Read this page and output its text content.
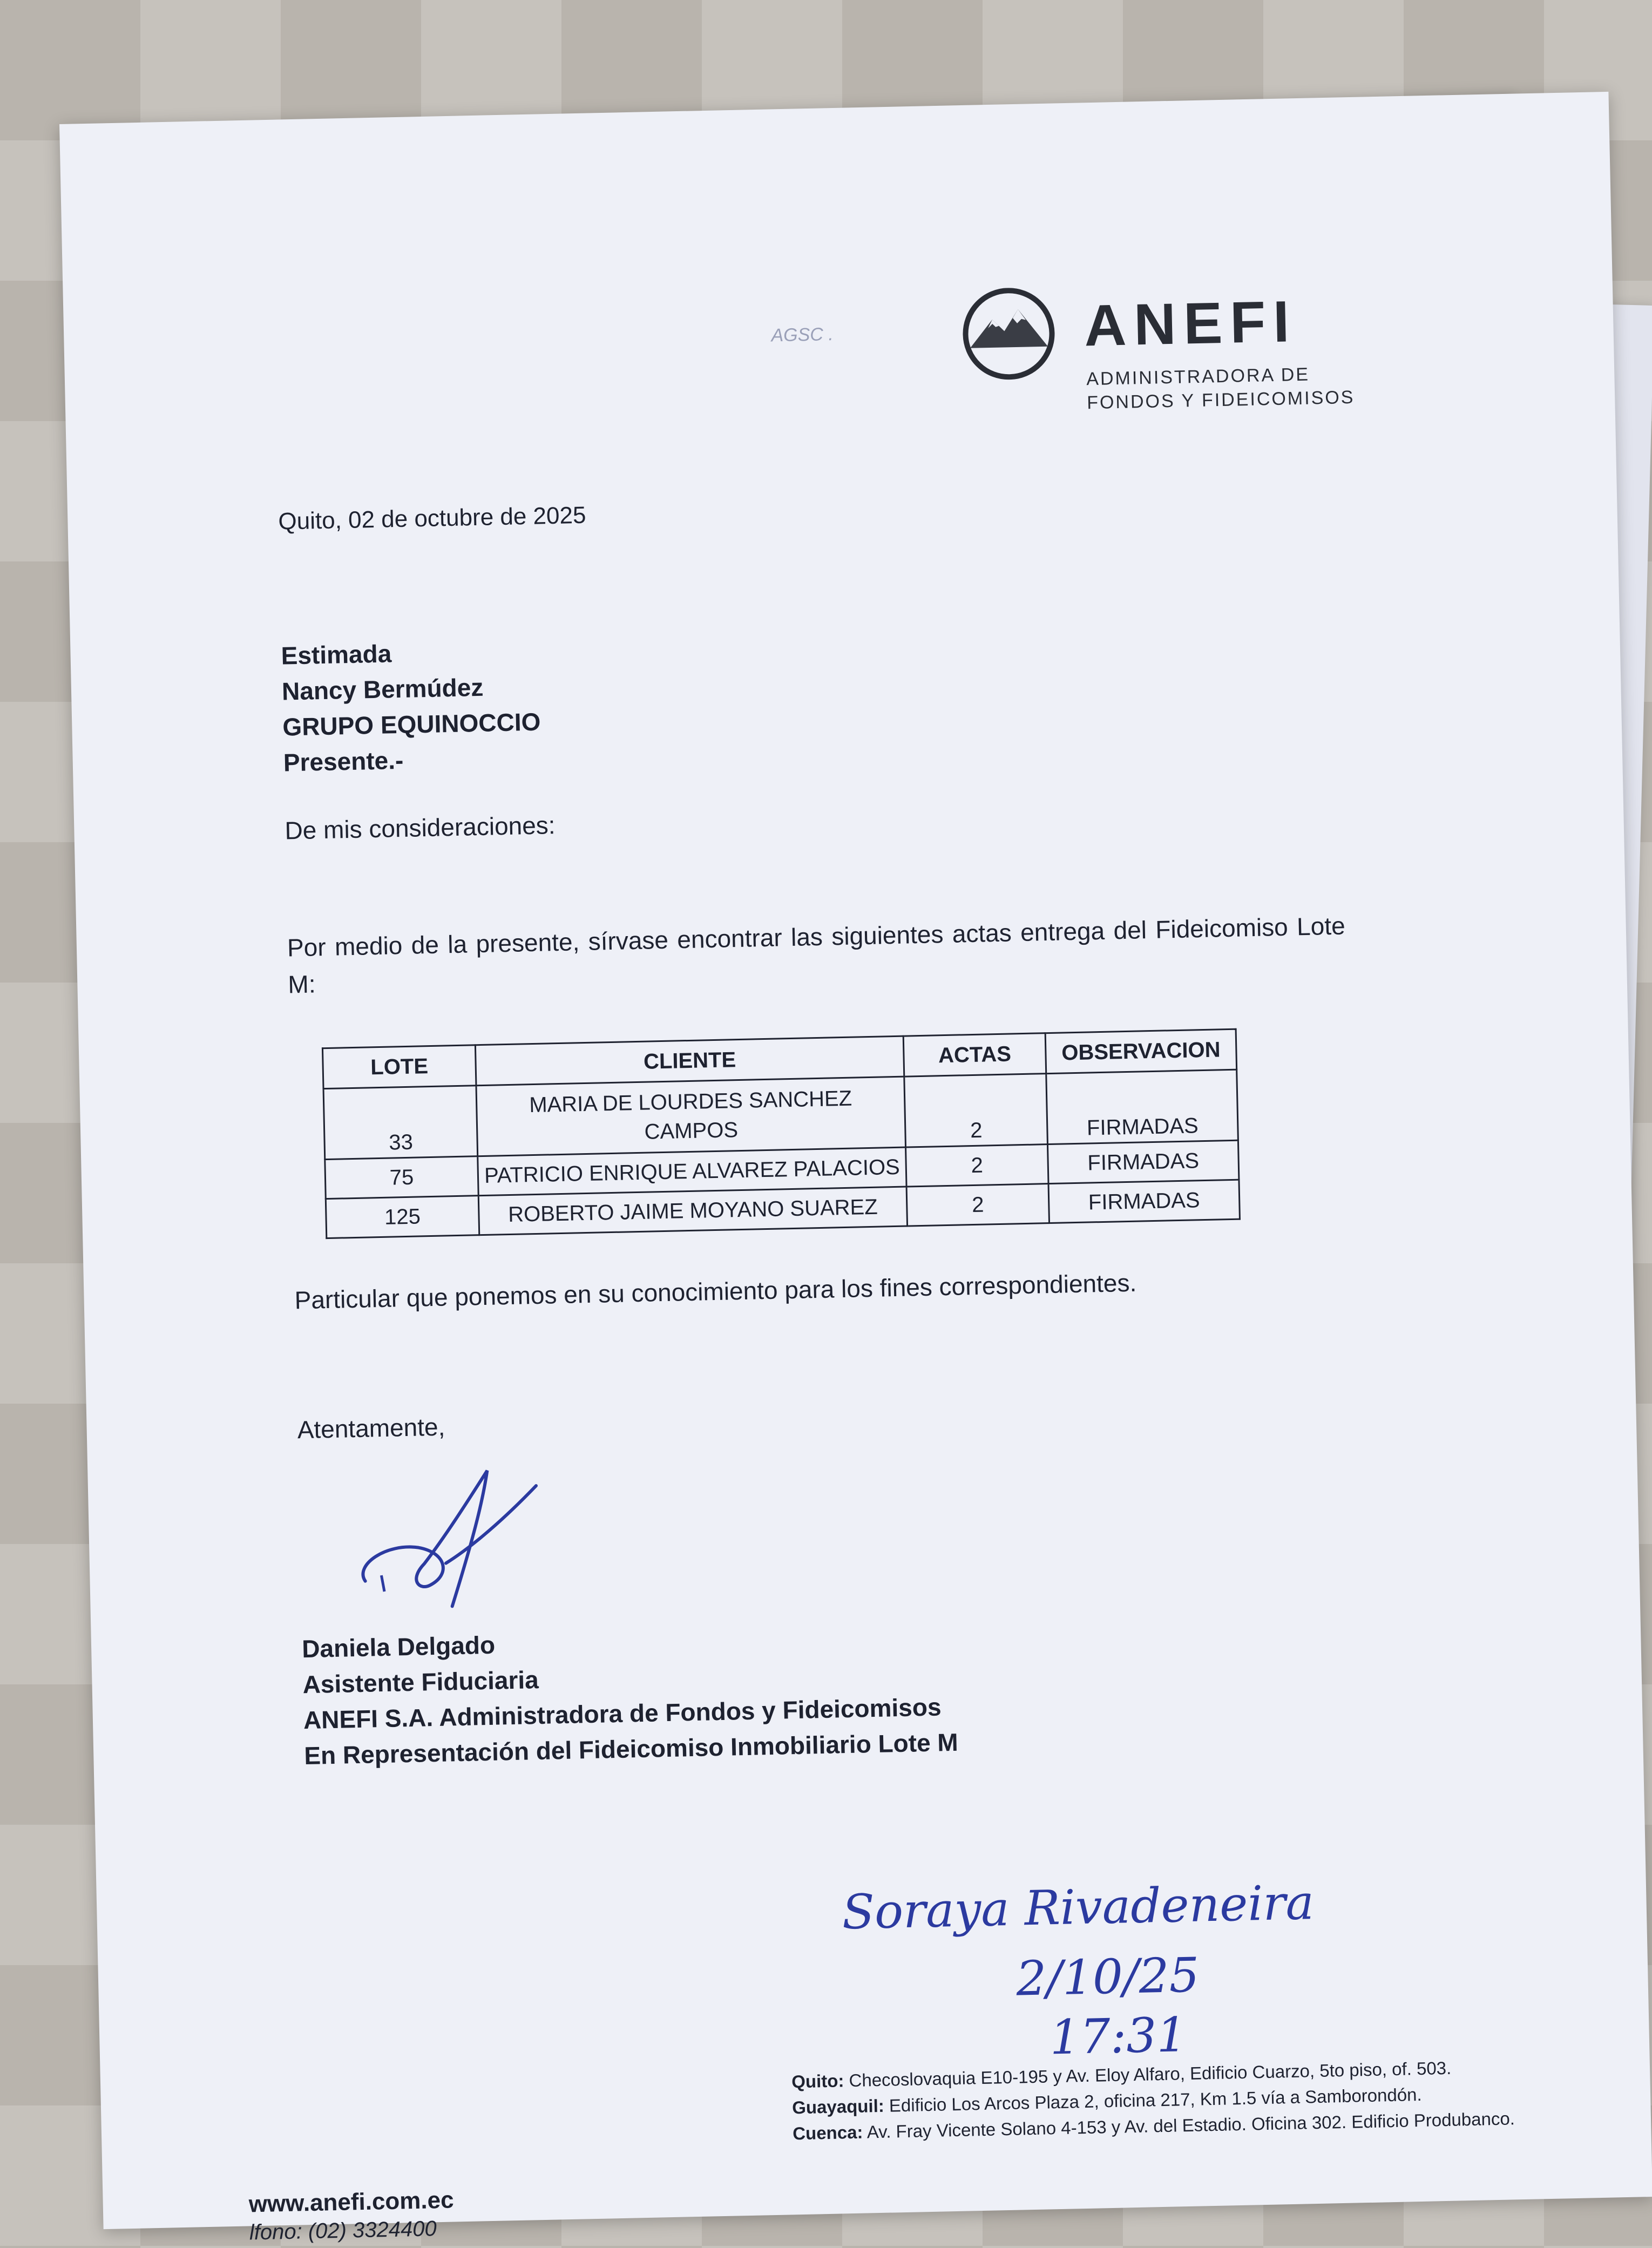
AGSC .	ANEFI
ADMINISTRADORA DE
FONDOS Y FIDEICOMISOS
Quito, 02 de octubre de 2025
Estimada
Nancy Bermúdez
GRUPO EQUINOCCIO
Presente.-
De mis consideraciones:
Por medio de la presente, sírvase encontrar las siguientes actas entrega del Fideicomiso Lote M:
LOTE	CLIENTE	ACTAS	OBSERVACION
33	MARIA DE LOURDES SANCHEZ CAMPOS	2	FIRMADAS
75	PATRICIO ENRIQUE ALVAREZ PALACIOS	2	FIRMADAS
125	ROBERTO JAIME MOYANO SUAREZ	2	FIRMADAS
Particular que ponemos en su conocimiento para los fines correspondientes.
Atentamente,
Daniela Delgado
Asistente Fiduciaria
ANEFI S.A. Administradora de Fondos y Fideicomisos
En Representación del Fideicomiso Inmobiliario Lote M
Soraya Rivadeneira
2/10/25
17:31
Quito: Checoslovaquia E10-195 y Av. Eloy Alfaro, Edificio Cuarzo, 5to piso, of. 503.
Guayaquil: Edificio Los Arcos Plaza 2, oficina 217, Km 1.5 vía a Samborondón.
Cuenca: Av. Fray Vicente Solano 4-153 y Av. del Estadio. Oficina 302. Edificio Produbanco.
www.anefi.com.ec
lfono: (02) 3324400
